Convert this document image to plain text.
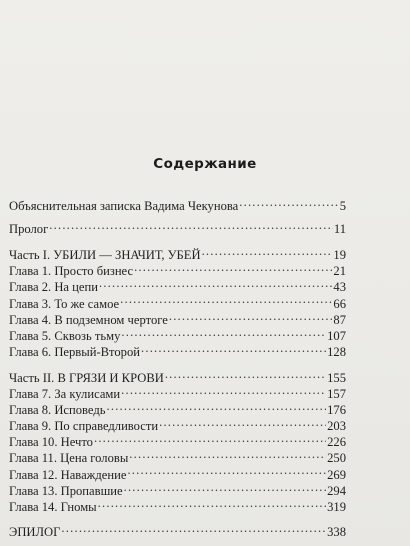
Содержание
Объяснительная записка Вадима Чекунова .....	5
Пролог .....	11
Часть I. УБИЛИ — ЗНАЧИТ, УБЕЙ .....	19
Глава 1. Просто бизнес .....	21
Глава 2. На цепи .....	43
Глава 3. То же самое .....	66
Глава 4. В подземном чертоге .....	87
Глава 5. Сквозь тьму .....	107
Глава 6. Первый-Второй .....	128
Часть II. В ГРЯЗИ И КРОВИ .....	155
Глава 7. За кулисами .....	157
Глава 8. Исповедь .....	176
Глава 9. По справедливости .....	203
Глава 10. Нечто .....	226
Глава 11. Цена головы .....	250
Глава 12. Наваждение .....	269
Глава 13. Пропавшие .....	294
Глава 14. Гномы .....	319
ЭПИЛОГ .....	338
